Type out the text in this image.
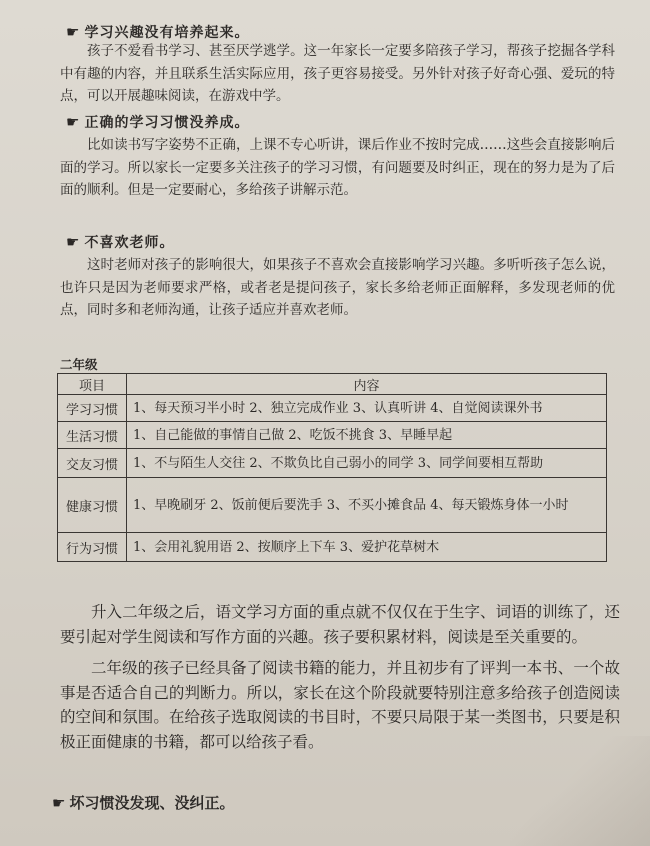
☛ 学习兴趣没有培养起来。

孩子不爱看书学习、甚至厌学逃学。这一年家长一定要多陪孩子学习，帮孩子挖掘各学科中有趣的内容，并且联系生活实际应用，孩子更容易接受。另外针对孩子好奇心强、爱玩的特点，可以开展趣味阅读，在游戏中学。

☛ 正确的学习习惯没养成。

比如读书写字姿势不正确，上课不专心听讲，课后作业不按时完成……这些会直接影响后面的学习。所以家长一定要多关注孩子的学习习惯，有问题要及时纠正，现在的努力是为了后面的顺利。但是一定要耐心，多给孩子讲解示范。

☛ 不喜欢老师。

这时老师对孩子的影响很大，如果孩子不喜欢会直接影响学习兴趣。多听听孩子怎么说，也许只是因为老师要求严格，或者老是提问孩子，家长多给老师正面解释，多发现老师的优点，同时多和老师沟通，让孩子适应并喜欢老师。

二年级
项目	内容
学习习惯	1、每天预习半小时 2、独立完成作业 3、认真听讲 4、自觉阅读课外书
生活习惯	1、自己能做的事情自己做 2、吃饭不挑食 3、早睡早起
交友习惯	1、不与陌生人交往 2、不欺负比自己弱小的同学 3、同学间要相互帮助
健康习惯	1、早晚刷牙 2、饭前便后要洗手 3、不买小摊食品 4、每天锻炼身体一小时
行为习惯	1、会用礼貌用语 2、按顺序上下车 3、爱护花草树木

升入二年级之后，语文学习方面的重点就不仅仅在于生字、词语的训练了，还要引起对学生阅读和写作方面的兴趣。孩子要积累材料，阅读是至关重要的。

二年级的孩子已经具备了阅读书籍的能力，并且初步有了评判一本书、一个故事是否适合自己的判断力。所以，家长在这个阶段就要特别注意多给孩子创造阅读的空间和氛围。在给孩子选取阅读的书目时，不要只局限于某一类图书，只要是积极正面健康的书籍，都可以给孩子看。

☛ 坏习惯没发现、没纠正。
